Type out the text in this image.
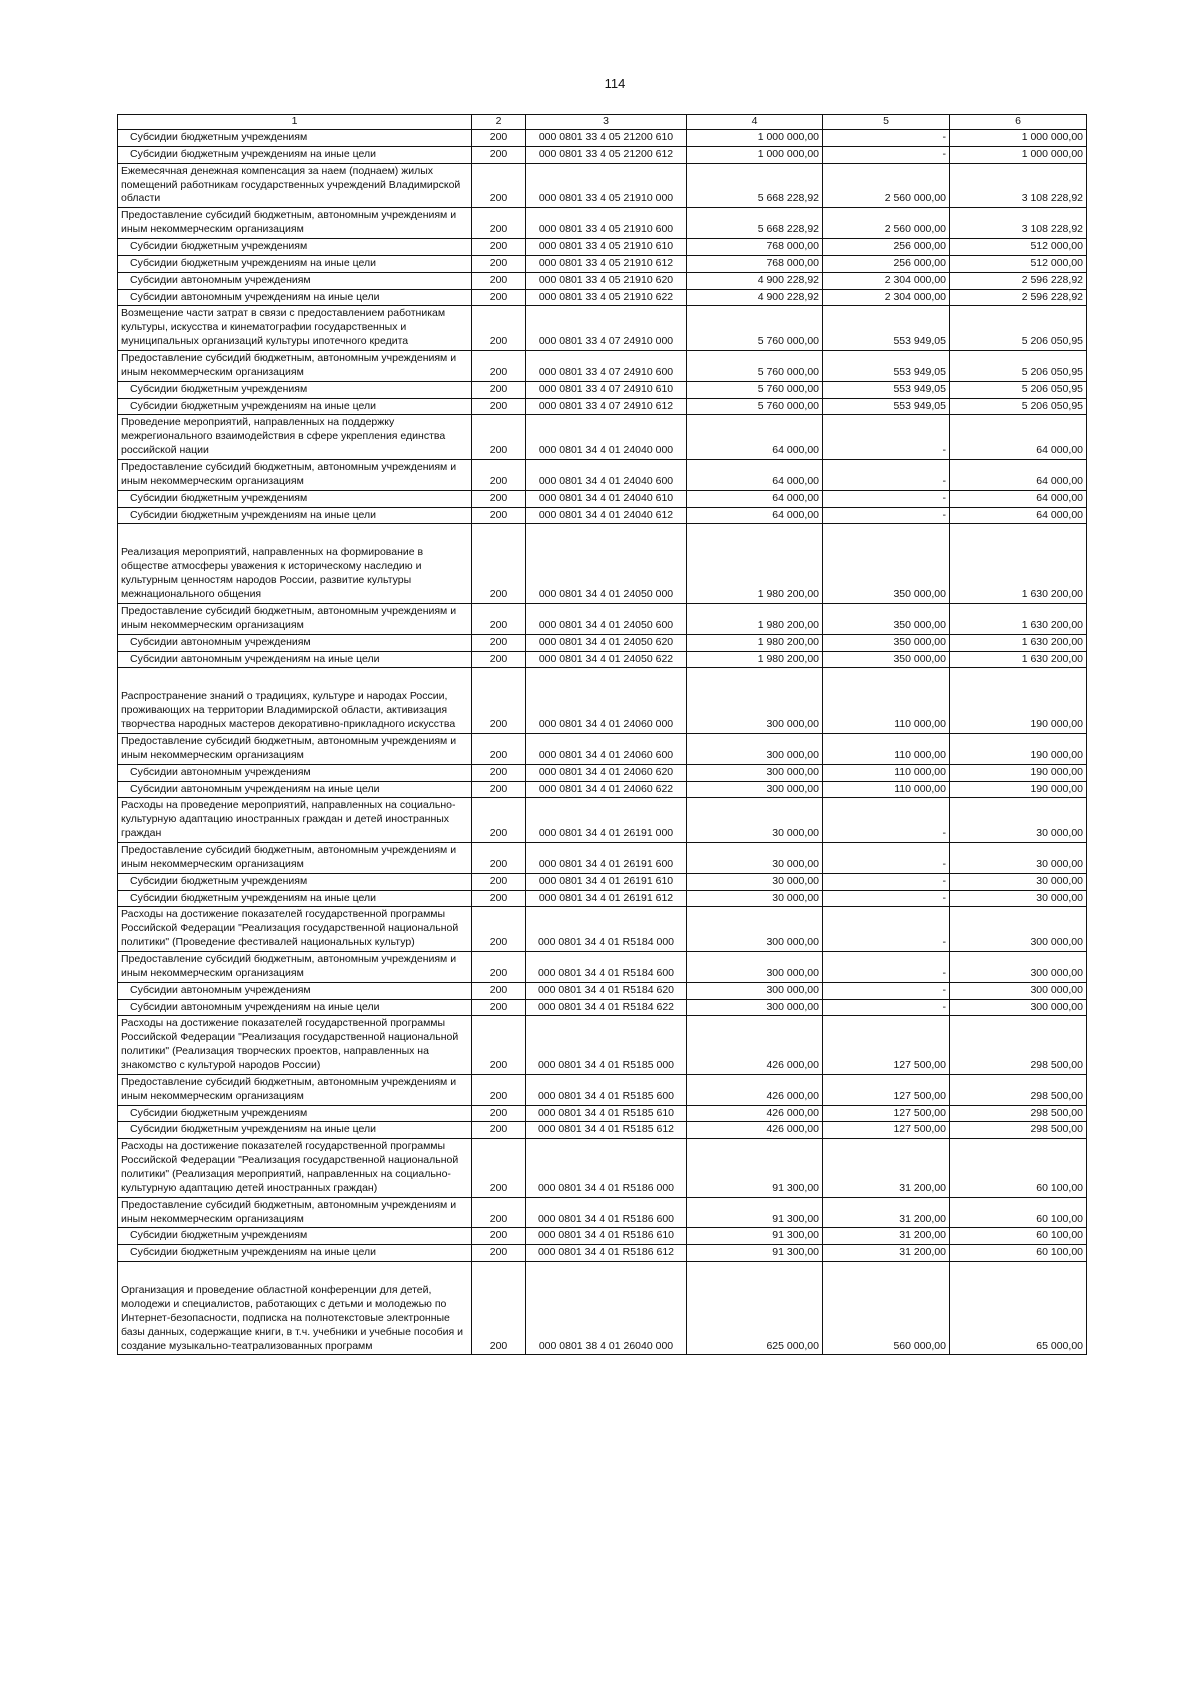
114
1	2	3	4	5	6
Субсидии бюджетным учреждениям	200	000 0801 33 4 05 21200 610	1 000 000,00	-	1 000 000,00
Субсидии бюджетным учреждениям на иные цели	200	000 0801 33 4 05 21200 612	1 000 000,00	-	1 000 000,00
Ежемесячная денежная компенсация за наем (поднаем) жилых помещений работникам государственных учреждений Владимирской области	200	000 0801 33 4 05 21910 000	5 668 228,92	2 560 000,00	3 108 228,92
Предоставление субсидий бюджетным, автономным учреждениям и иным некоммерческим организациям	200	000 0801 33 4 05 21910 600	5 668 228,92	2 560 000,00	3 108 228,92
Субсидии бюджетным учреждениям	200	000 0801 33 4 05 21910 610	768 000,00	256 000,00	512 000,00
Субсидии бюджетным учреждениям на иные цели	200	000 0801 33 4 05 21910 612	768 000,00	256 000,00	512 000,00
Субсидии автономным учреждениям	200	000 0801 33 4 05 21910 620	4 900 228,92	2 304 000,00	2 596 228,92
Субсидии автономным учреждениям на иные цели	200	000 0801 33 4 05 21910 622	4 900 228,92	2 304 000,00	2 596 228,92
Возмещение части затрат в связи с предоставлением работникам культуры, искусства и кинематографии государственных и муниципальных организаций культуры ипотечного кредита	200	000 0801 33 4 07 24910 000	5 760 000,00	553 949,05	5 206 050,95
Предоставление субсидий бюджетным, автономным учреждениям и иным некоммерческим организациям	200	000 0801 33 4 07 24910 600	5 760 000,00	553 949,05	5 206 050,95
Субсидии бюджетным учреждениям	200	000 0801 33 4 07 24910 610	5 760 000,00	553 949,05	5 206 050,95
Субсидии бюджетным учреждениям на иные цели	200	000 0801 33 4 07 24910 612	5 760 000,00	553 949,05	5 206 050,95
Проведение мероприятий, направленных на поддержку межрегионального взаимодействия в сфере укрепления единства российской нации	200	000 0801 34 4 01 24040 000	64 000,00	-	64 000,00
Предоставление субсидий бюджетным, автономным учреждениям и иным некоммерческим организациям	200	000 0801 34 4 01 24040 600	64 000,00	-	64 000,00
Субсидии бюджетным учреждениям	200	000 0801 34 4 01 24040 610	64 000,00	-	64 000,00
Субсидии бюджетным учреждениям на иные цели	200	000 0801 34 4 01 24040 612	64 000,00	-	64 000,00
Реализация мероприятий, направленных на формирование в обществе атмосферы уважения к историческому наследию и культурным ценностям народов России, развитие культуры межнационального общения	200	000 0801 34 4 01 24050 000	1 980 200,00	350 000,00	1 630 200,00
Предоставление субсидий бюджетным, автономным учреждениям и иным некоммерческим организациям	200	000 0801 34 4 01 24050 600	1 980 200,00	350 000,00	1 630 200,00
Субсидии автономным учреждениям	200	000 0801 34 4 01 24050 620	1 980 200,00	350 000,00	1 630 200,00
Субсидии автономным учреждениям на иные цели	200	000 0801 34 4 01 24050 622	1 980 200,00	350 000,00	1 630 200,00
Распространение знаний о традициях, культуре и народах России, проживающих на территории Владимирской области, активизация творчества народных мастеров декоративно-прикладного искусства	200	000 0801 34 4 01 24060 000	300 000,00	110 000,00	190 000,00
Предоставление субсидий бюджетным, автономным учреждениям и иным некоммерческим организациям	200	000 0801 34 4 01 24060 600	300 000,00	110 000,00	190 000,00
Субсидии автономным учреждениям	200	000 0801 34 4 01 24060 620	300 000,00	110 000,00	190 000,00
Субсидии автономным учреждениям на иные цели	200	000 0801 34 4 01 24060 622	300 000,00	110 000,00	190 000,00
Расходы на проведение мероприятий, направленных на социально-культурную адаптацию иностранных граждан и детей иностранных граждан	200	000 0801 34 4 01 26191 000	30 000,00	-	30 000,00
Предоставление субсидий бюджетным, автономным учреждениям и иным некоммерческим организациям	200	000 0801 34 4 01 26191 600	30 000,00	-	30 000,00
Субсидии бюджетным учреждениям	200	000 0801 34 4 01 26191 610	30 000,00	-	30 000,00
Субсидии бюджетным учреждениям на иные цели	200	000 0801 34 4 01 26191 612	30 000,00	-	30 000,00
Расходы на достижение показателей государственной программы Российской Федерации "Реализация государственной национальной политики" (Проведение фестивалей национальных культур)	200	000 0801 34 4 01 R5184 000	300 000,00	-	300 000,00
Предоставление субсидий бюджетным, автономным учреждениям и иным некоммерческим организациям	200	000 0801 34 4 01 R5184 600	300 000,00	-	300 000,00
Субсидии автономным учреждениям	200	000 0801 34 4 01 R5184 620	300 000,00	-	300 000,00
Субсидии автономным учреждениям на иные цели	200	000 0801 34 4 01 R5184 622	300 000,00	-	300 000,00
Расходы на достижение показателей государственной программы Российской Федерации "Реализация государственной национальной политики" (Реализация творческих проектов, направленных на знакомство с культурой народов России)	200	000 0801 34 4 01 R5185 000	426 000,00	127 500,00	298 500,00
Предоставление субсидий бюджетным, автономным учреждениям и иным некоммерческим организациям	200	000 0801 34 4 01 R5185 600	426 000,00	127 500,00	298 500,00
Субсидии бюджетным учреждениям	200	000 0801 34 4 01 R5185 610	426 000,00	127 500,00	298 500,00
Субсидии бюджетным учреждениям на иные цели	200	000 0801 34 4 01 R5185 612	426 000,00	127 500,00	298 500,00
Расходы на достижение показателей государственной программы Российской Федерации "Реализация государственной национальной политики" (Реализация мероприятий, направленных на социально-культурную адаптацию детей иностранных граждан)	200	000 0801 34 4 01 R5186 000	91 300,00	31 200,00	60 100,00
Предоставление субсидий бюджетным, автономным учреждениям и иным некоммерческим организациям	200	000 0801 34 4 01 R5186 600	91 300,00	31 200,00	60 100,00
Субсидии бюджетным учреждениям	200	000 0801 34 4 01 R5186 610	91 300,00	31 200,00	60 100,00
Субсидии бюджетным учреждениям на иные цели	200	000 0801 34 4 01 R5186 612	91 300,00	31 200,00	60 100,00
Организация и проведение областной конференции для детей, молодежи и специалистов, работающих с детьми и молодежью по Интернет-безопасности, подписка на полнотекстовые электронные базы данных, содержащие книги, в т.ч. учебники и учебные пособия и создание музыкально-театрализованных программ	200	000 0801 38 4 01 26040 000	625 000,00	560 000,00	65 000,00
